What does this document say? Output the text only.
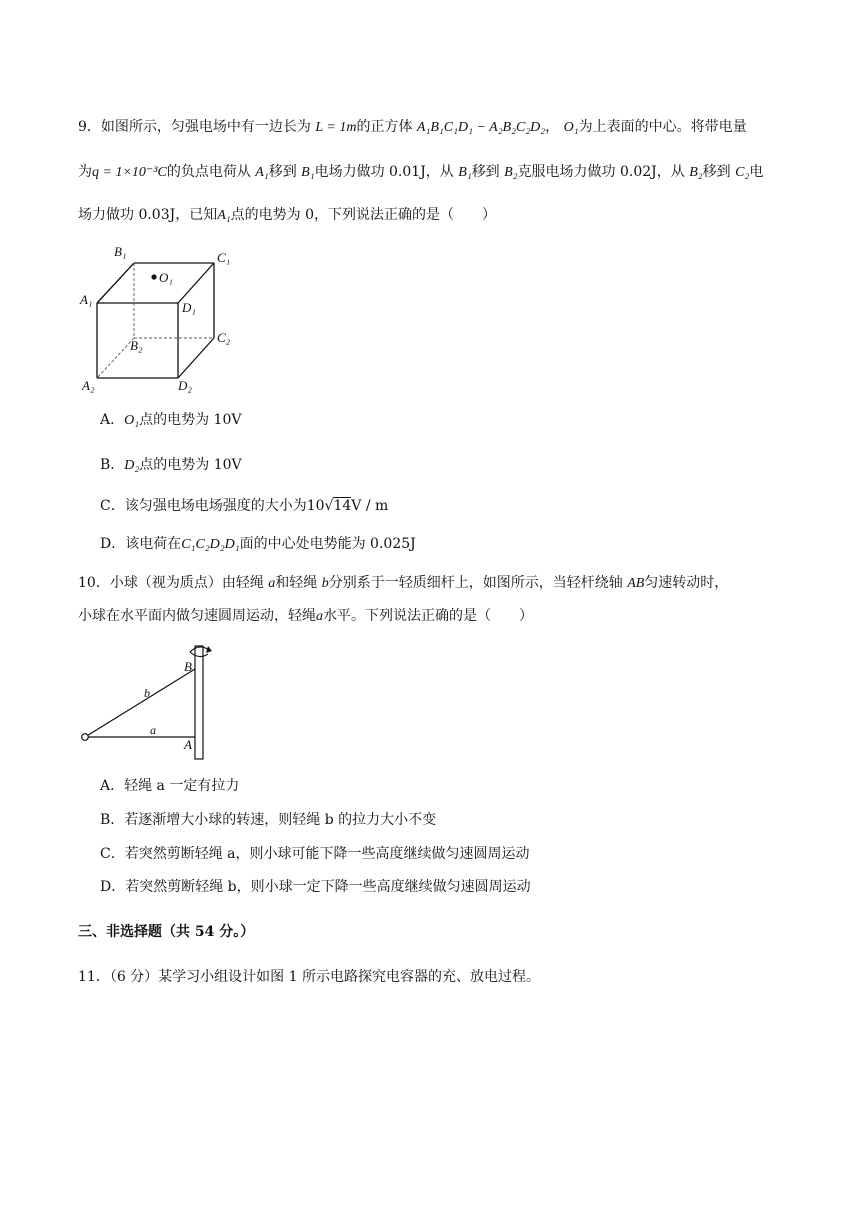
9．如图所示，匀强电场中有一边长为 L = 1m的正方体 A₁B₁C₁D₁ − A₂B₂C₂D₂， O₁为上表面的中心。将带电量
为q = 1×10⁻³C的负点电荷从 A₁移到 B₁电场力做功 0.01J，从 B₁移到 B₂克服电场力做功 0.02J，从 B₂移到 C₂电
场力做功 0.03J，已知A₁点的电势为 0，下列说法正确的是（　　）
B₁	C₁
O₁
A₁
D₁
C₂
B₂
A₂	D₂
A．O₁点的电势为 10V
B．D₂点的电势为 10V
C．该匀强电场电场强度的大小为10√14V / m
D．该电荷在C₁C₂D₂D₁面的中心处电势能为 0.025J
10．小球（视为质点）由轻绳 a和轻绳 b分别系于一轻质细杆上，如图所示，当轻杆绕轴 AB匀速转动时，
小球在水平面内做匀速圆周运动，轻绳a水平。下列说法正确的是（　　）
B
b
a
A
A．轻绳 a 一定有拉力
B．若逐渐增大小球的转速，则轻绳 b 的拉力大小不变
C．若突然剪断轻绳 a，则小球可能下降一些高度继续做匀速圆周运动
D．若突然剪断轻绳 b，则小球一定下降一些高度继续做匀速圆周运动
三、非选择题（共 54 分。）
11．（6 分）某学习小组设计如图 1 所示电路探究电容器的充、放电过程。
